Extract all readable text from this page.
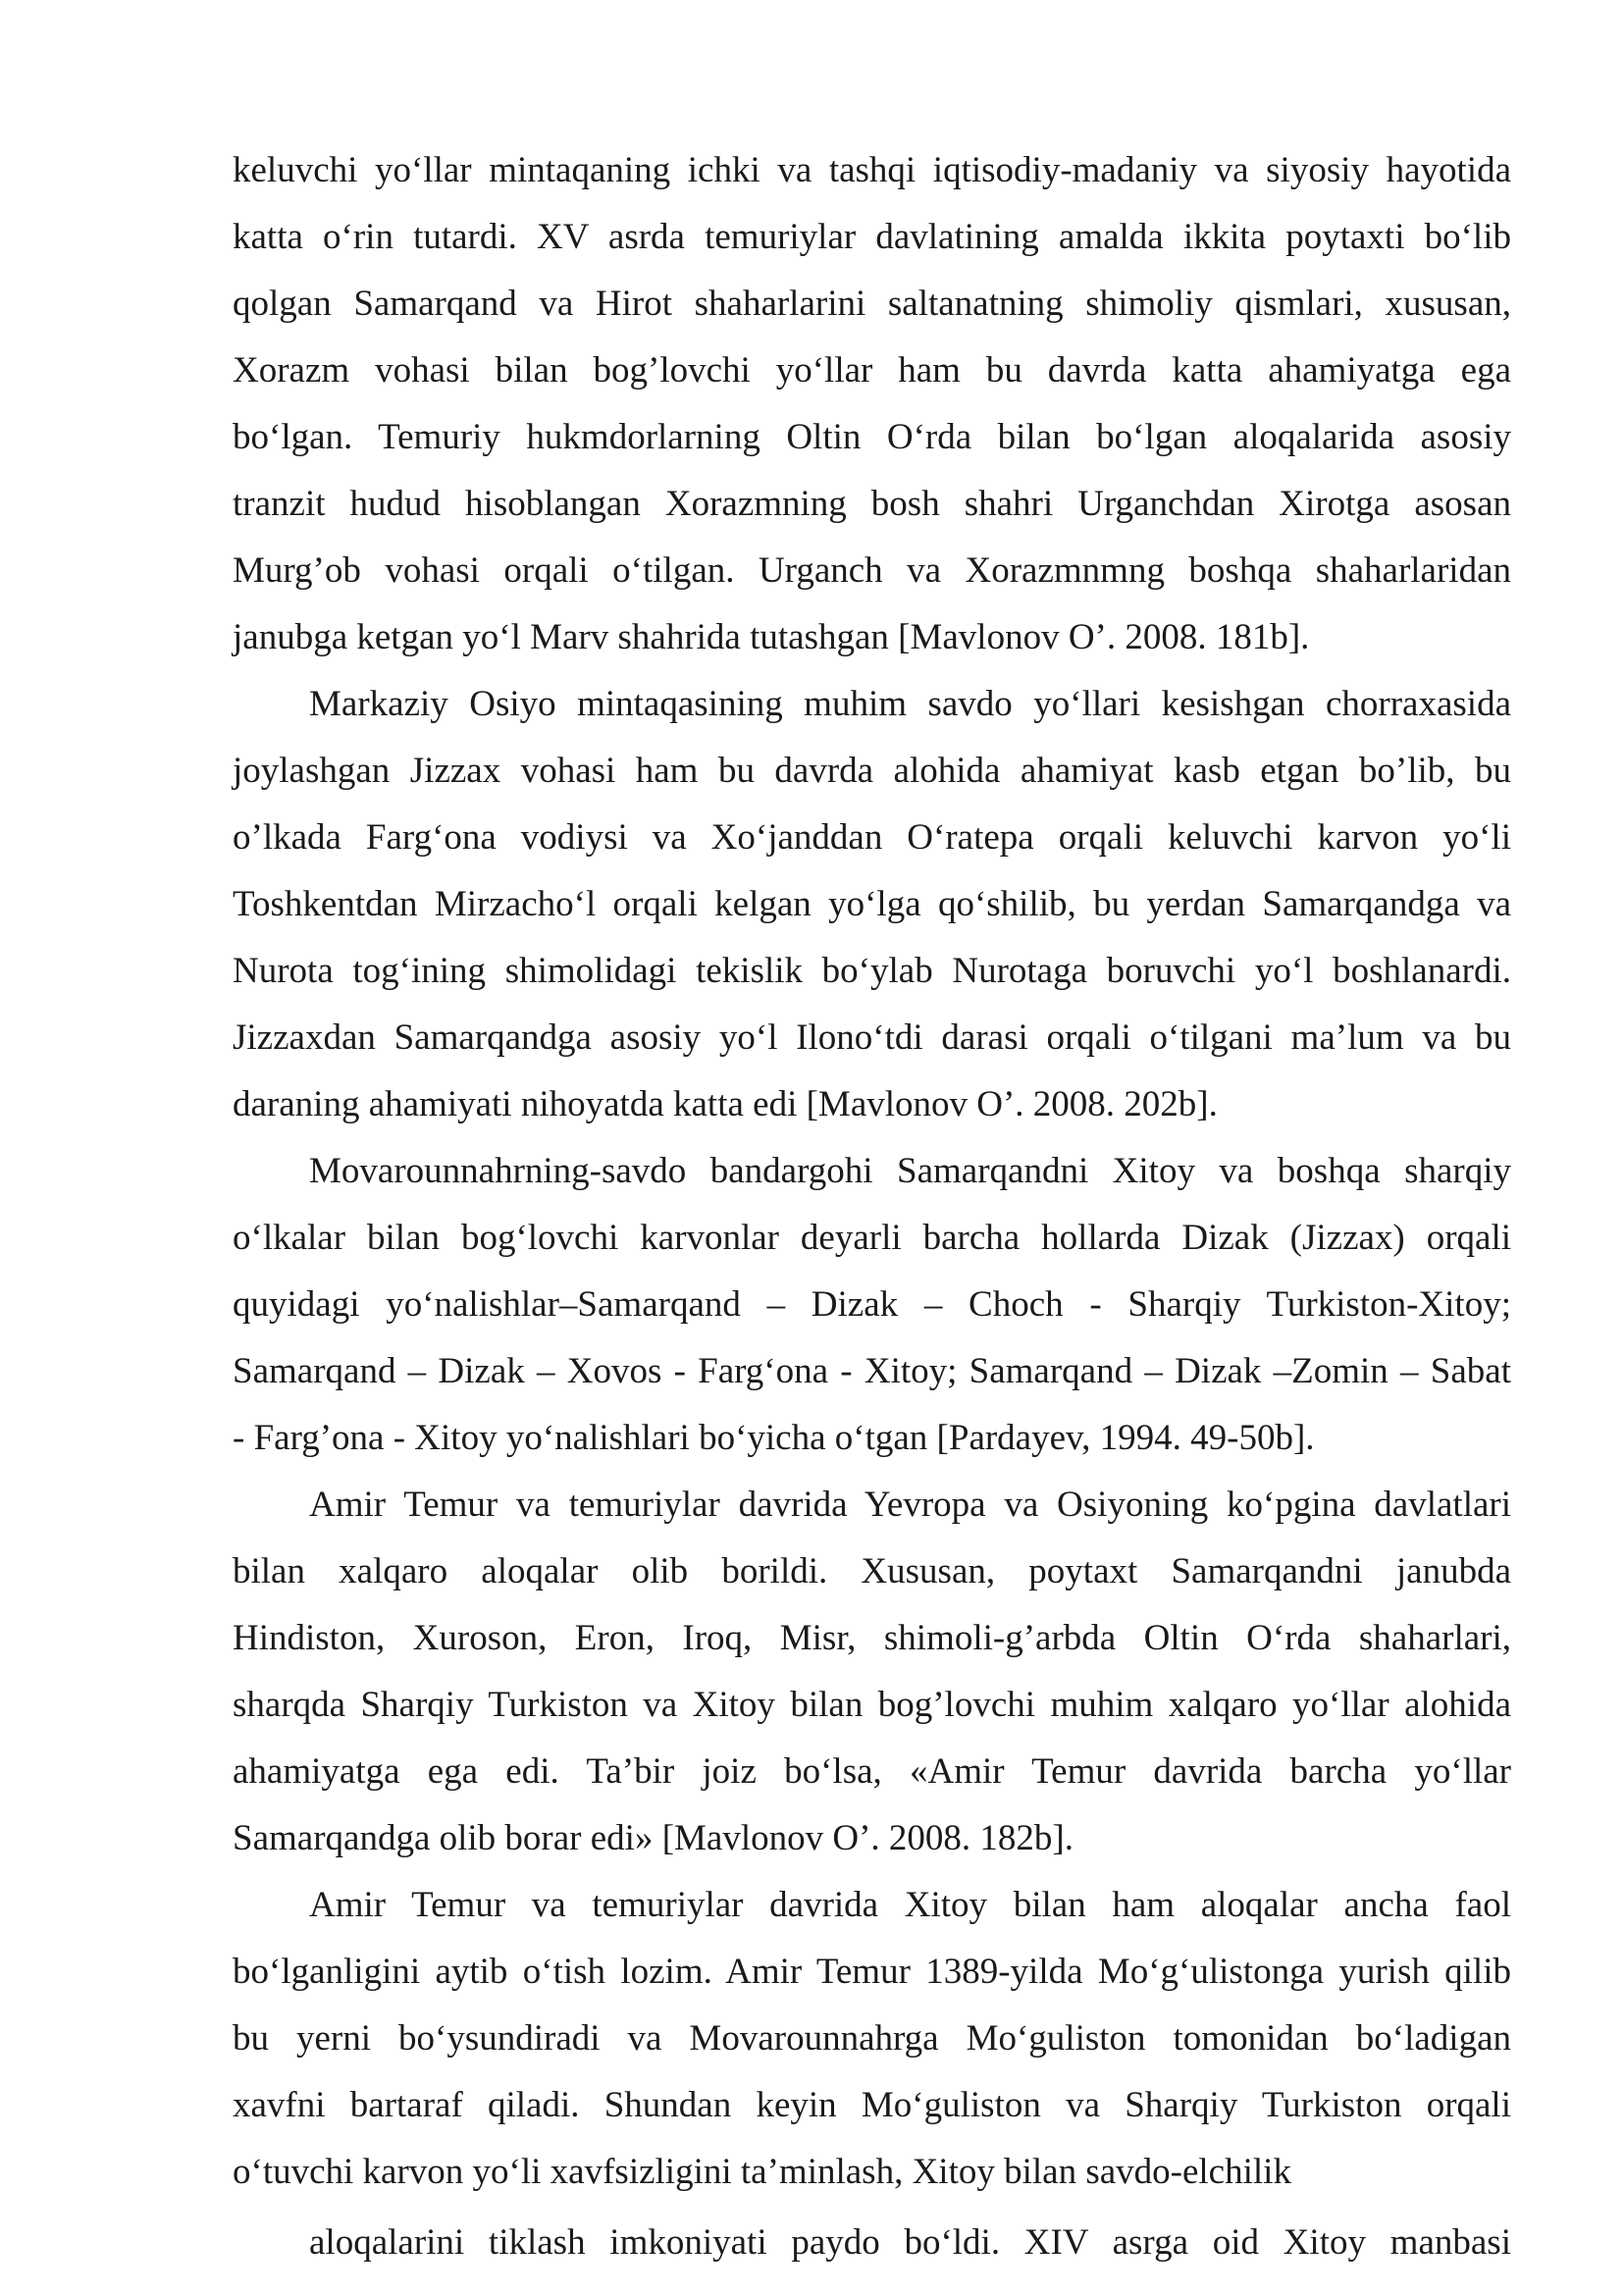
keluvchi yo‘llar mintaqaning ichki va tashqi iqtisodiy-madaniy va siyosiy hayotida
katta o‘rin tutardi. XV asrda temuriylar davlatining amalda ikkita poytaxti bo‘lib
qolgan Samarqand va Hirot shaharlarini saltanatning shimoliy qismlari, xususan,
Xorazm vohasi bilan bog’lovchi yo‘llar ham bu davrda katta ahamiyatga ega
bo‘lgan. Temuriy hukmdorlarning Oltin O‘rda bilan bo‘lgan aloqalarida asosiy
tranzit hudud hisoblangan Xorazmning bosh shahri Urganchdan Xirotga asosan
Murg’ob vohasi orqali o‘tilgan. Urganch va Xorazmnmng boshqa shaharlaridan
janubga ketgan yo‘l Marv shahrida tutashgan [Mavlonov O’. 2008. 181b].

Markaziy Osiyo mintaqasining muhim savdo yo‘llari kesishgan chorraxasida
joylashgan Jizzax vohasi ham bu davrda alohida ahamiyat kasb etgan bo’lib, bu
o’lkada Farg‘ona vodiysi va Xo‘janddan O‘ratepa orqali keluvchi karvon yo‘li
Toshkentdan Mirzacho‘l orqali kelgan yo‘lga qo‘shilib, bu yerdan Samarqandga va
Nurota tog‘ining shimolidagi tekislik bo‘ylab Nurotaga boruvchi yo‘l boshlanardi.
Jizzaxdan Samarqandga asosiy yo‘l Ilono‘tdi darasi orqali o‘tilgani ma’lum va bu
daraning ahamiyati nihoyatda katta edi [Mavlonov O’. 2008. 202b].

Movarounnahrning-savdo bandargohi Samarqandni Xitoy va boshqa sharqiy
o‘lkalar bilan bog‘lovchi karvonlar deyarli barcha hollarda Dizak (Jizzax) orqali
quyidagi yo‘nalishlar–Samarqand – Dizak – Choch - Sharqiy Turkiston-Xitoy;
Samarqand – Dizak – Xovos - Farg‘ona - Xitoy; Samarqand – Dizak –Zomin – Sabat
- Farg’ona - Xitoy yo‘nalishlari bo‘yicha o‘tgan [Pardayev, 1994. 49-50b].

Amir Temur va temuriylar davrida Yevropa va Osiyoning ko‘pgina davlatlari
bilan xalqaro aloqalar olib borildi. Xususan, poytaxt Samarqandni janubda
Hindiston, Xuroson, Eron, Iroq, Misr, shimoli-g’arbda Oltin O‘rda shaharlari,
sharqda Sharqiy Turkiston va Xitoy bilan bog’lovchi muhim xalqaro yo‘llar alohida
ahamiyatga ega edi. Ta’bir joiz bo‘lsa, «Amir Temur davrida barcha yo‘llar
Samarqandga olib borar edi» [Mavlonov O’. 2008. 182b].

Amir Temur va temuriylar davrida Xitoy bilan ham aloqalar ancha faol
bo‘lganligini aytib o‘tish lozim. Amir Temur 1389-yilda Mo‘g‘ulistonga yurish qilib
bu yerni bo‘ysundiradi va Movarounnahrga Mo‘guliston tomonidan bo‘ladigan
xavfni bartaraf qiladi. Shundan keyin Mo‘guliston va Sharqiy Turkiston orqali
o‘tuvchi karvon yo‘li xavfsizligini ta’minlash, Xitoy bilan savdo-elchilik

aloqalarini tiklash imkoniyati paydo bo‘ldi. XIV asrga oid Xitoy manbasi
